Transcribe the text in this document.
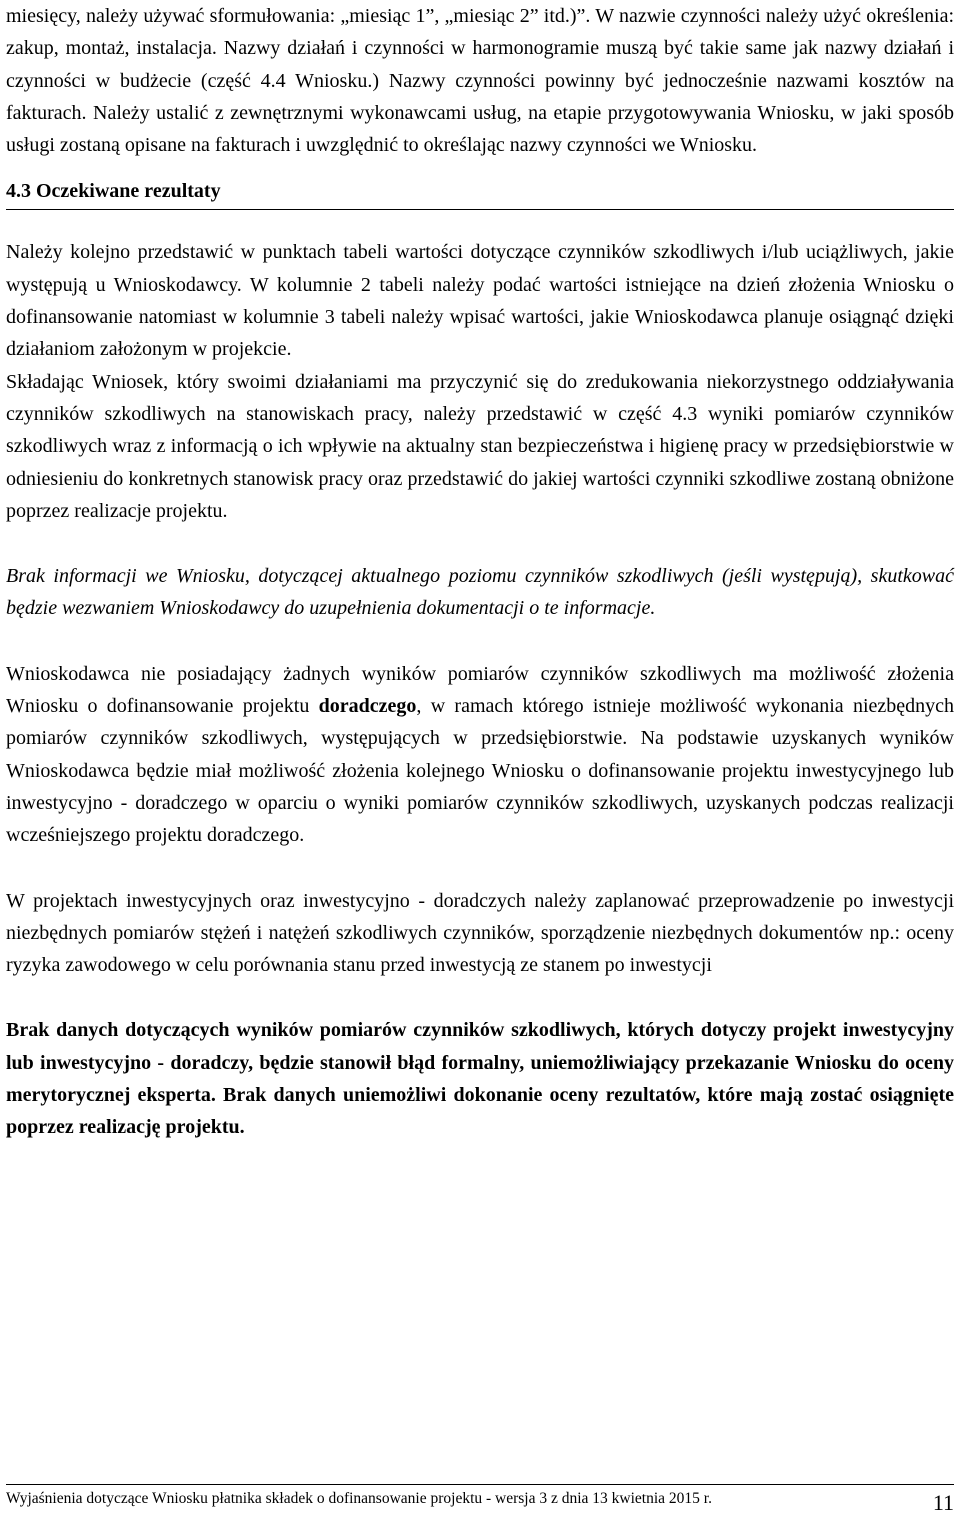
miesięcy, należy używać sformułowania: „miesiąc 1”, „miesiąc 2” itd.)”. W nazwie czynności należy użyć określenia: zakup, montaż, instalacja. Nazwy działań i czynności w harmonogramie muszą być takie same jak nazwy działań i czynności w budżecie (część 4.4 Wniosku.) Nazwy czynności powinny być jednocześnie nazwami kosztów na fakturach. Należy ustalić z zewnętrznymi wykonawcami usług, na etapie przygotowywania Wniosku, w jaki sposób usługi zostaną opisane na fakturach i uwzględnić to określając nazwy czynności we Wniosku.

4.3 Oczekiwane rezultaty

Należy kolejno przedstawić w punktach tabeli wartości dotyczące czynników szkodliwych i/lub uciążliwych, jakie występują u Wnioskodawcy. W kolumnie 2 tabeli należy podać wartości istniejące na dzień złożenia Wniosku o dofinansowanie natomiast w kolumnie 3 tabeli należy wpisać wartości, jakie Wnioskodawca planuje osiągnąć dzięki działaniom założonym w projekcie.

Składając Wniosek, który swoimi działaniami ma przyczynić się do zredukowania niekorzystnego oddziaływania czynników szkodliwych na stanowiskach pracy, należy przedstawić w część 4.3 wyniki pomiarów czynników szkodliwych wraz z informacją o ich wpływie na aktualny stan bezpieczeństwa i higienę pracy w przedsiębiorstwie w odniesieniu do konkretnych stanowisk pracy oraz przedstawić do jakiej wartości czynniki szkodliwe zostaną obniżone poprzez realizacje projektu.

Brak informacji we Wniosku, dotyczącej aktualnego poziomu czynników szkodliwych (jeśli występują), skutkować będzie wezwaniem Wnioskodawcy do uzupełnienia dokumentacji o te informacje.

Wnioskodawca nie posiadający żadnych wyników pomiarów czynników szkodliwych ma możliwość złożenia Wniosku o dofinansowanie projektu doradczego, w ramach którego istnieje możliwość wykonania niezbędnych pomiarów czynników szkodliwych, występujących w przedsiębiorstwie. Na podstawie uzyskanych wyników Wnioskodawca będzie miał możliwość złożenia kolejnego Wniosku o dofinansowanie projektu inwestycyjnego lub inwestycyjno - doradczego w oparciu o wyniki pomiarów czynników szkodliwych, uzyskanych podczas realizacji wcześniejszego projektu doradczego.

W projektach inwestycyjnych oraz inwestycyjno - doradczych należy zaplanować przeprowadzenie po inwestycji niezbędnych pomiarów stężeń i natężeń szkodliwych czynników, sporządzenie niezbędnych dokumentów np.: oceny ryzyka zawodowego w celu porównania stanu przed inwestycją ze stanem po inwestycji

Brak danych dotyczących wyników pomiarów czynników szkodliwych, których dotyczy projekt inwestycyjny lub inwestycyjno - doradczy, będzie stanowił błąd formalny, uniemożliwiający przekazanie Wniosku do oceny merytorycznej eksperta. Brak danych uniemożliwi dokonanie oceny rezultatów, które mają zostać osiągnięte poprzez realizację projektu.

Wyjaśnienia dotyczące Wniosku płatnika składek o dofinansowanie projektu - wersja 3 z dnia 13 kwietnia 2015 r.	11
